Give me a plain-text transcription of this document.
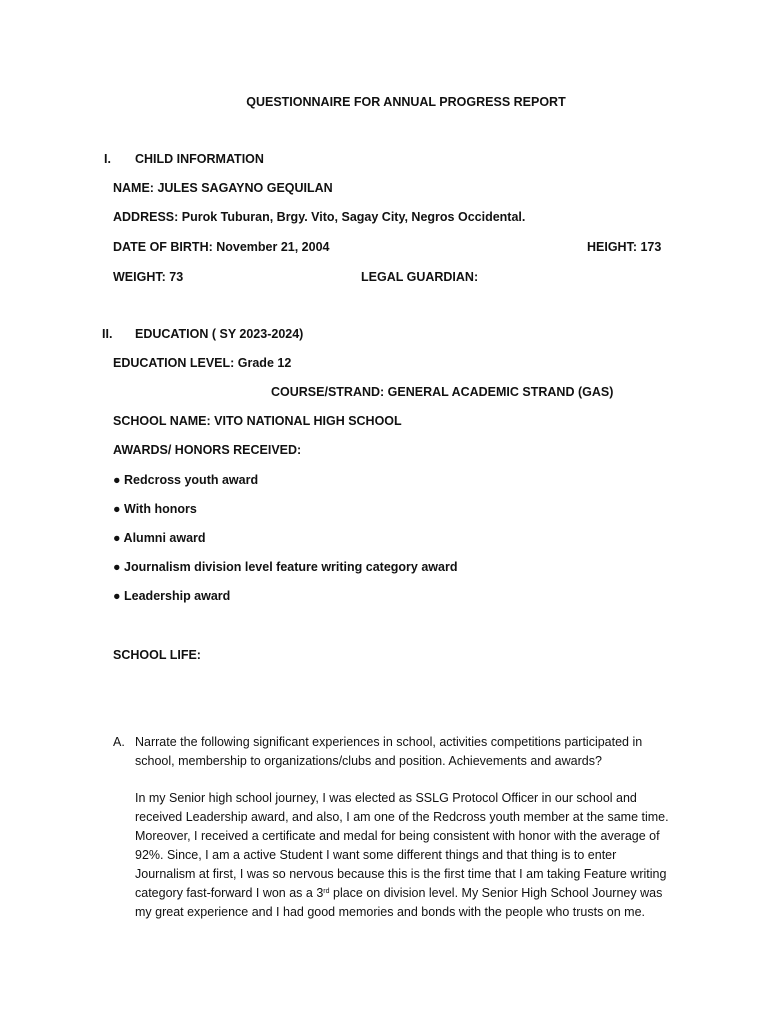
QUESTIONNAIRE FOR ANNUAL PROGRESS REPORT
I.	CHILD INFORMATION
NAME: JULES SAGAYNO GEQUILAN
ADDRESS: Purok Tuburan, Brgy. Vito, Sagay City, Negros Occidental.
DATE OF BIRTH: November 21, 2004	HEIGHT: 173
WEIGHT: 73	LEGAL GUARDIAN:
II.	EDUCATION ( SY 2023-2024)
EDUCATION LEVEL: Grade 12
COURSE/STRAND: GENERAL ACADEMIC STRAND (GAS)
SCHOOL NAME: VITO NATIONAL HIGH SCHOOL
AWARDS/ HONORS RECEIVED:
● Redcross youth award
● With honors
● Alumni award
● Journalism division level feature writing category award
● Leadership award
SCHOOL LIFE:
A. Narrate the following significant experiences in school, activities competitions participated in school, membership to organizations/clubs and position. Achievements and awards?
In my Senior high school journey, I was elected as SSLG Protocol Officer in our school and received Leadership award, and also, I am one of the Redcross youth member at the same time. Moreover, I received a certificate and medal for being consistent with honor with the average of 92%. Since, I am a active Student I want some different things and that thing is to enter Journalism at first, I was so nervous because this is the first time that I am taking Feature writing category fast-forward I won as a 3rd place on division level. My Senior High School Journey was my great experience and I had good memories and bonds with the people who trusts on me.
